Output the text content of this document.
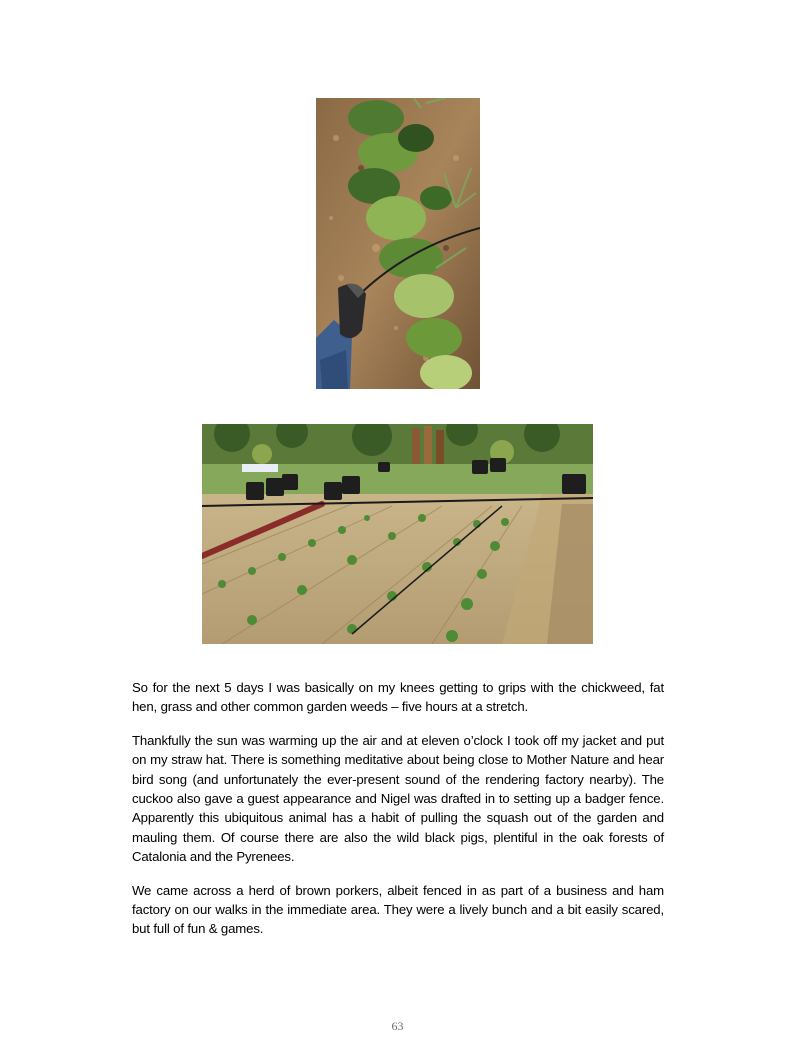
So for the next 5 days I was basically on my knees getting to grips with the chickweed, fat hen, grass and other common garden weeds – five hours at a stretch.

Thankfully the sun was warming up the air and at eleven o’clock I took off my jacket and put on my straw hat. There is something meditative about being close to Mother Nature and hear bird song (and unfortunately the ever-present sound of the rendering factory nearby). The cuckoo also gave a guest appearance and Nigel was drafted in to setting up a badger fence. Apparently this ubiquitous animal has a habit of pulling the squash out of the garden and mauling them. Of course there are also the wild black pigs, plentiful in the oak forests of Catalonia and the Pyrenees.

We came across a herd of brown porkers, albeit fenced in as part of a business and ham factory on our walks in the immediate area. They were a lively bunch and a bit easily scared, but full of fun & games.

63
